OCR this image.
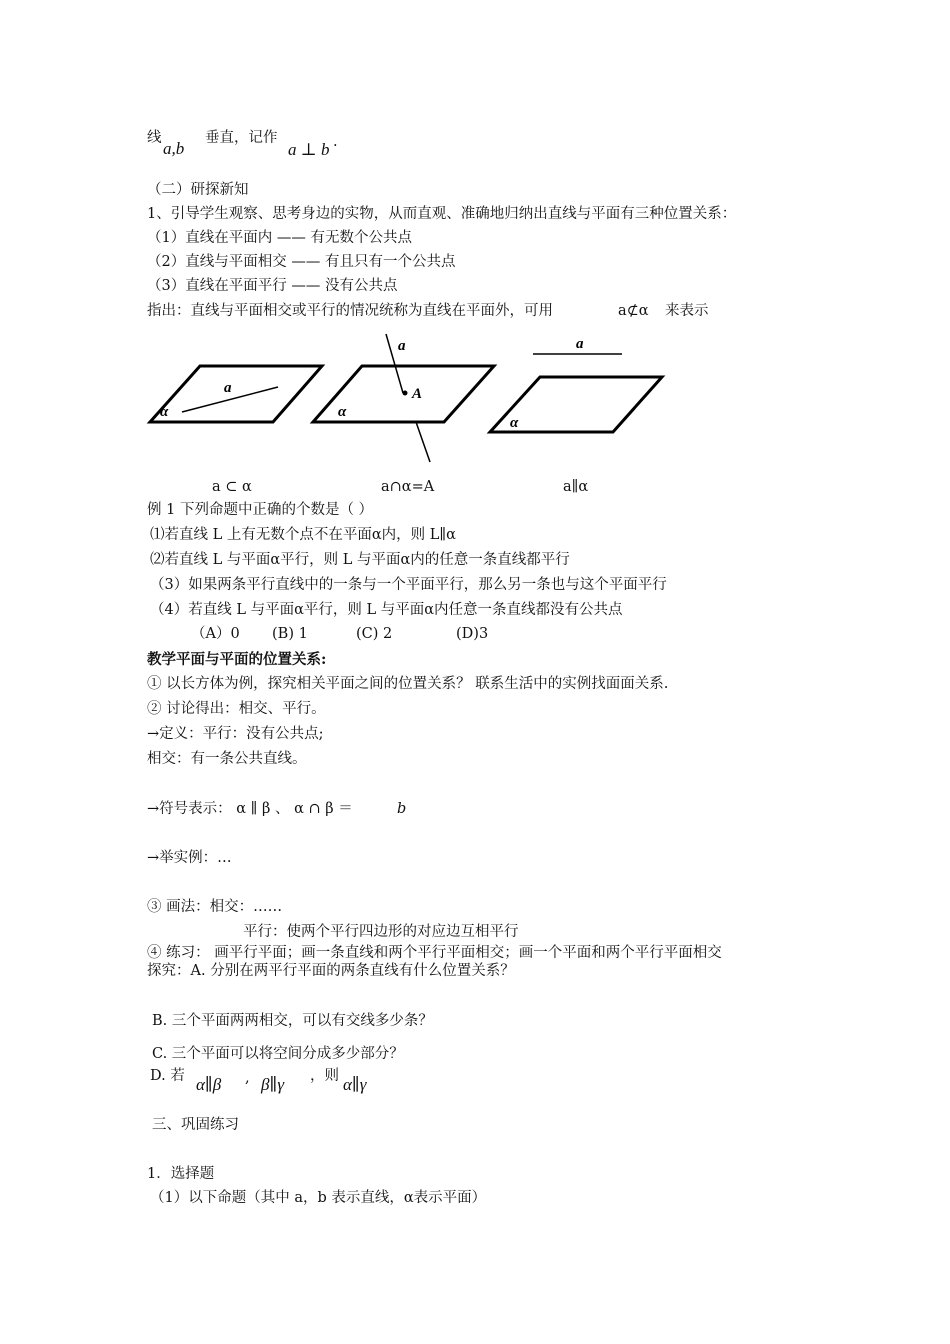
线
a,b
垂直，记作
a ⊥ b .
（二）研探新知
1、引导学生观察、思考身边的实物，从而直观、准确地归纳出直线与平面有三种位置关系：
（1）直线在平面内 —— 有无数个公共点
（2）直线与平面相交 —— 有且只有一个公共点
（3）直线在平面平行 —— 没有公共点
指出：直线与平面相交或平行的情况统称为直线在平面外，可用	a⊄α 来表示
a
α
a
A
α
a
α
a ⊂ α	a∩α=A	a∥α
例 1 下列命题中正确的个数是（ ）
⑴若直线 L 上有无数个点不在平面α内，则 L∥α
⑵若直线 L 与平面α平行，则 L 与平面α内的任意一条直线都平行
（3）如果两条平行直线中的一条与一个平面平行，那么另一条也与这个平面平行
（4）若直线 L 与平面α平行，则 L 与平面α内任意一条直线都没有公共点
（A）0 (B) 1	(C) 2	(D)3
教学平面与平面的位置关系:
① 以长方体为例，探究相关平面之间的位置关系？ 联系生活中的实例找面面关系.
② 讨论得出：相交、平行。
→定义：平行：没有公共点;
相交：有一条公共直线。
→符号表示： α ∥ β 、 α ∩ β ＝	b
→举实例：…
③ 画法：相交：……
平行：使两个平行四边形的对应边互相平行
④ 练习： 画平行平面；画一条直线和两个平行平面相交；画一个平面和两个平行平面相交
探究：A. 分别在两平行平面的两条直线有什么位置关系？
B. 三个平面两两相交，可以有交线多少条？
C. 三个平面可以将空间分成多少部分？
D. 若 α∥β , β∥γ ，则 α∥γ
三、巩固练习
1．选择题
（1）以下命题（其中 a，b 表示直线，α表示平面）
